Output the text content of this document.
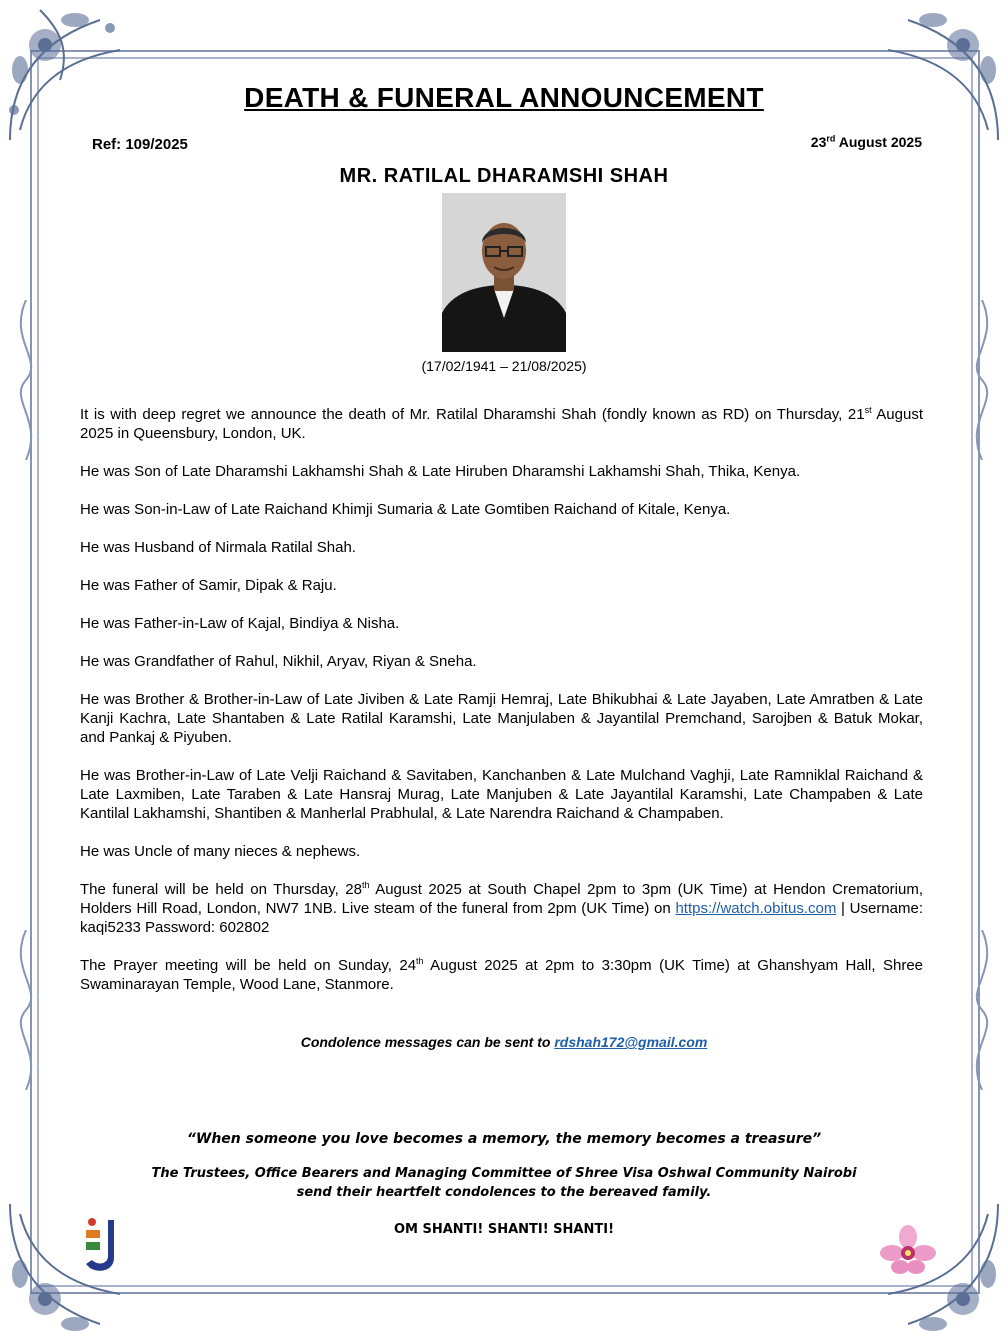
DEATH & FUNERAL ANNOUNCEMENT
Ref: 109/2025	23rd August 2025
MR. RATILAL DHARAMSHI SHAH
(17/02/1941 – 21/08/2025)

It is with deep regret we announce the death of Mr. Ratilal Dharamshi Shah (fondly known as RD) on Thursday, 21st August 2025 in Queensbury, London, UK.

He was Son of Late Dharamshi Lakhamshi Shah & Late Hiruben Dharamshi Lakhamshi Shah, Thika, Kenya.

He was Son-in-Law of Late Raichand Khimji Sumaria & Late Gomtiben Raichand of Kitale, Kenya.

He was Husband of Nirmala Ratilal Shah.

He was Father of Samir, Dipak & Raju.

He was Father-in-Law of Kajal, Bindiya & Nisha.

He was Grandfather of Rahul, Nikhil, Aryav, Riyan & Sneha.

He was Brother & Brother-in-Law of Late Jiviben & Late Ramji Hemraj, Late Bhikubhai & Late Jayaben, Late Amratben & Late Kanji Kachra, Late Shantaben & Late Ratilal Karamshi, Late Manjulaben & Jayantilal Premchand, Sarojben & Batuk Mokar, and Pankaj & Piyuben.

He was Brother-in-Law of Late Velji Raichand & Savitaben, Kanchanben & Late Mulchand Vaghji, Late Ramniklal Raichand & Late Laxmiben, Late Taraben & Late Hansraj Murag, Late Manjuben & Late Jayantilal Karamshi, Late Champaben & Late Kantilal Lakhamshi, Shantiben & Manherlal Prabhulal, & Late Narendra Raichand & Champaben.

He was Uncle of many nieces & nephews.

The funeral will be held on Thursday, 28th August 2025 at South Chapel 2pm to 3pm (UK Time) at Hendon Crematorium, Holders Hill Road, London, NW7 1NB. Live steam of the funeral from 2pm (UK Time) on https://watch.obitus.com | Username: kaqi5233 Password: 602802

The Prayer meeting will be held on Sunday, 24th August 2025 at 2pm to 3:30pm (UK Time) at Ghanshyam Hall, Shree Swaminarayan Temple, Wood Lane, Stanmore.

Condolence messages can be sent to rdshah172@gmail.com
“When someone you love becomes a memory, the memory becomes a treasure”
The Trustees, Office Bearers and Managing Committee of Shree Visa Oshwal Community Nairobi
send their heartfelt condolences to the bereaved family.
OM SHANTI! SHANTI! SHANTI!
